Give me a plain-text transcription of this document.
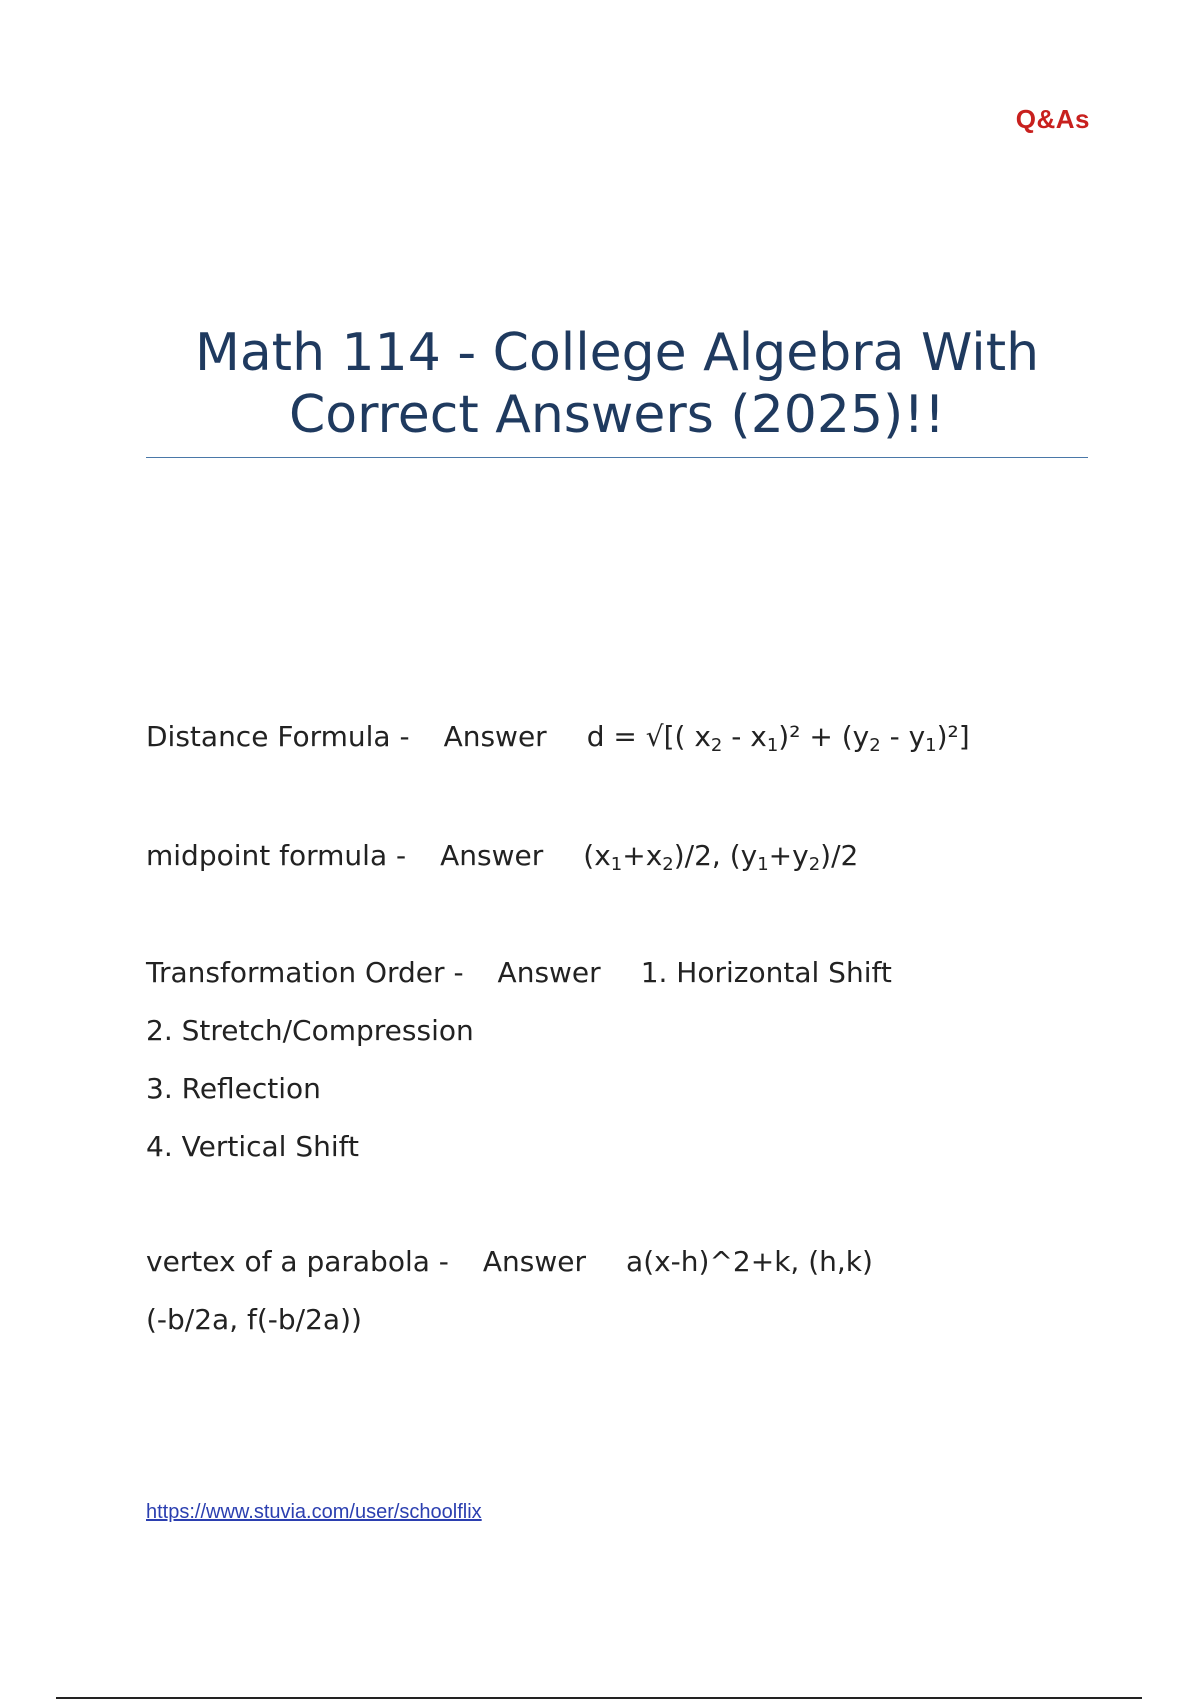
Q&As
Math 114 - College Algebra With
Correct Answers (2025)!!
Distance Formula - Answer d = √[( $x_2 - x_1)^2 + (y_2 - y_1)^2$]
midpoint formula - Answer $(x_1+x_2)/2$, $(y_1+y_2)/2$
Transformation Order - Answer 1. Horizontal Shift
2. Stretch/Compression
3. Reflection
4. Vertical Shift
vertex of a parabola - Answer a(x-h)^2+k, (h,k)
(-b/2a, f(-b/2a))
https://www.stuvia.com/user/schoolflix
